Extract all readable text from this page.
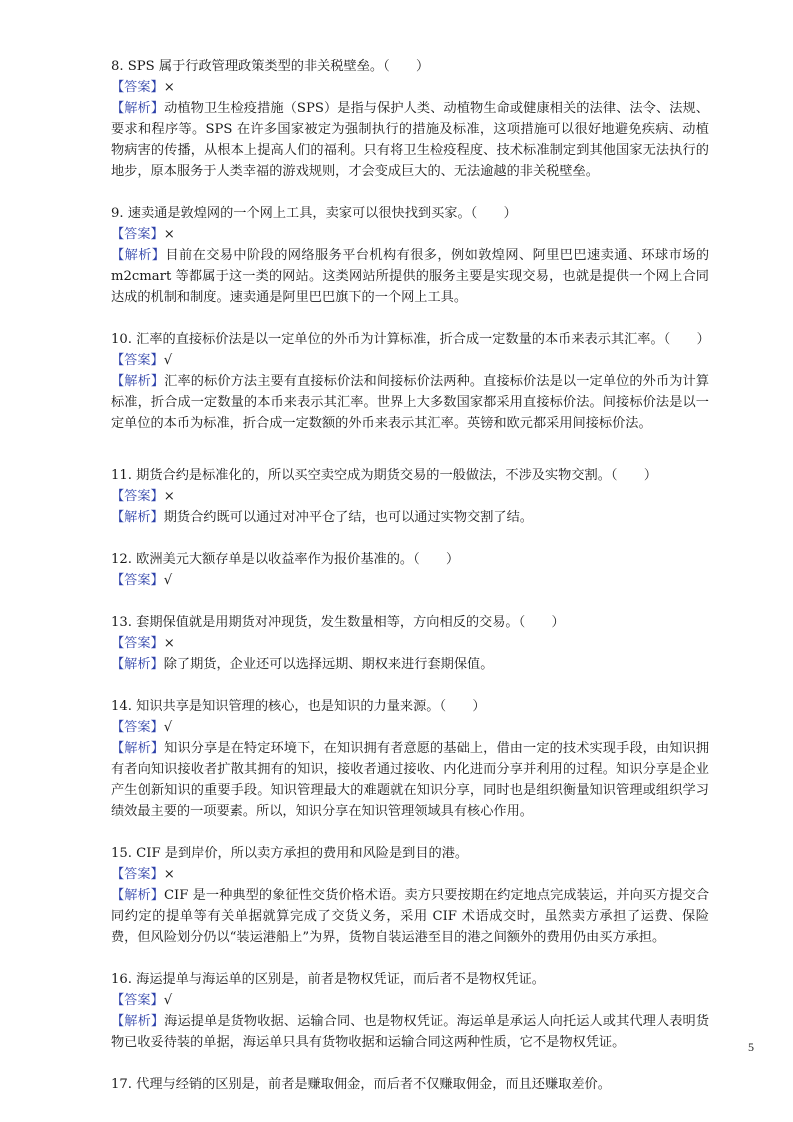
8. SPS 属于行政管理政策类型的非关税壁垒。（　　）

【答案】×

【解析】动植物卫生检疫措施（SPS）是指与保护人类、动植物生命或健康相关的法律、法令、法规、要求和程序等。SPS 在许多国家被定为强制执行的措施及标准，这项措施可以很好地避免疾病、动植物病害的传播，从根本上提高人们的福利。只有将卫生检疫程度、技术标准制定到其他国家无法执行的地步，原本服务于人类幸福的游戏规则，才会变成巨大的、无法逾越的非关税壁垒。

9. 速卖通是敦煌网的一个网上工具，卖家可以很快找到买家。（　　）

【答案】×

【解析】目前在交易中阶段的网络服务平台机构有很多，例如敦煌网、阿里巴巴速卖通、环球市场的 m2cmart 等都属于这一类的网站。这类网站所提供的服务主要是实现交易，也就是提供一个网上合同达成的机制和制度。速卖通是阿里巴巴旗下的一个网上工具。

10. 汇率的直接标价法是以一定单位的外币为计算标准，折合成一定数量的本币来表示其汇率。（　　）

【答案】√

【解析】汇率的标价方法主要有直接标价法和间接标价法两种。直接标价法是以一定单位的外币为计算标准，折合成一定数量的本币来表示其汇率。世界上大多数国家都采用直接标价法。间接标价法是以一定单位的本币为标准，折合成一定数额的外币来表示其汇率。英镑和欧元都采用间接标价法。

11. 期货合约是标准化的，所以买空卖空成为期货交易的一般做法，不涉及实物交割。（　　）

【答案】×

【解析】期货合约既可以通过对冲平仓了结，也可以通过实物交割了结。

12. 欧洲美元大额存单是以收益率作为报价基准的。（　　）

【答案】√

13. 套期保值就是用期货对冲现货，发生数量相等，方向相反的交易。（　　）

【答案】×

【解析】除了期货，企业还可以选择远期、期权来进行套期保值。

14. 知识共享是知识管理的核心，也是知识的力量来源。（　　）

【答案】√

【解析】知识分享是在特定环境下，在知识拥有者意愿的基础上，借由一定的技术实现手段，由知识拥有者向知识接收者扩散其拥有的知识，接收者通过接收、内化进而分享并利用的过程。知识分享是企业产生创新知识的重要手段。知识管理最大的难题就在知识分享，同时也是组织衡量知识管理或组织学习绩效最主要的一项要素。所以，知识分享在知识管理领域具有核心作用。

15. CIF 是到岸价，所以卖方承担的费用和风险是到目的港。

【答案】×

【解析】CIF 是一种典型的象征性交货价格术语。卖方只要按期在约定地点完成装运，并向买方提交合同约定的提单等有关单据就算完成了交货义务，采用 CIF 术语成交时，虽然卖方承担了运费、保险费，但风险划分仍以“装运港船上”为界，货物自装运港至目的港之间额外的费用仍由买方承担。

16. 海运提单与海运单的区别是，前者是物权凭证，而后者不是物权凭证。

【答案】√

【解析】海运提单是货物收据、运输合同、也是物权凭证。海运单是承运人向托运人或其代理人表明货物已收妥待装的单据，海运单只具有货物收据和运输合同这两种性质，它不是物权凭证。

17. 代理与经销的区别是，前者是赚取佣金，而后者不仅赚取佣金，而且还赚取差价。

5
